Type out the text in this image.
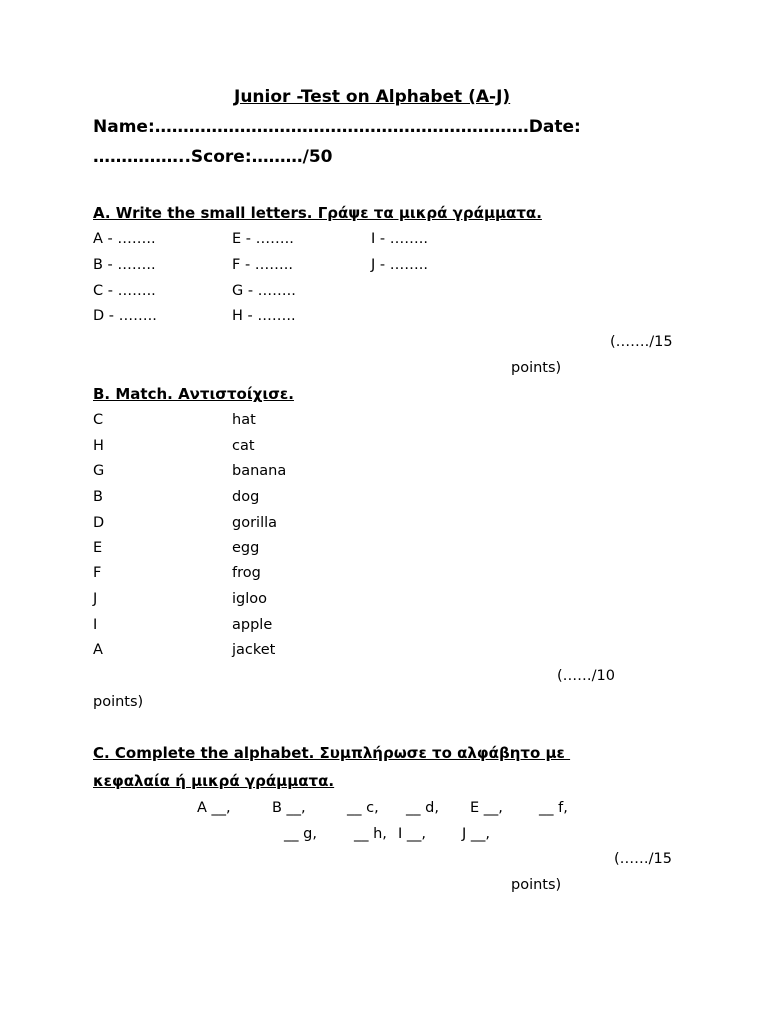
Junior -Test on Alphabet (A-J)
Name:…………………………………………………………Date:
……………..Score:………/50
A. Write the small letters. Γράψε τα μικρά γράμματα.
A - ……..	E - ……..	I - ……..
B - ……..	F - ……..	J - ……..
C - ……..	G - ……..
D - ……..	H - ……..
(……./15
points)
B. Match. Αντιστοίχισε.
C	hat
H	cat
G	banana
B	dog
D	gorilla
E	egg
F	frog
J	igloo
I	apple
A	jacket
(……/10
points)
C. Complete the alphabet. Συμπλήρωσε το αλφάβητο με
κεφαλαία ή μικρά γράμματα.
A __,	B __,	__ c, __ d, E __, __ f,
__ g,	__ h, I __, J __,
(……/15
points)
